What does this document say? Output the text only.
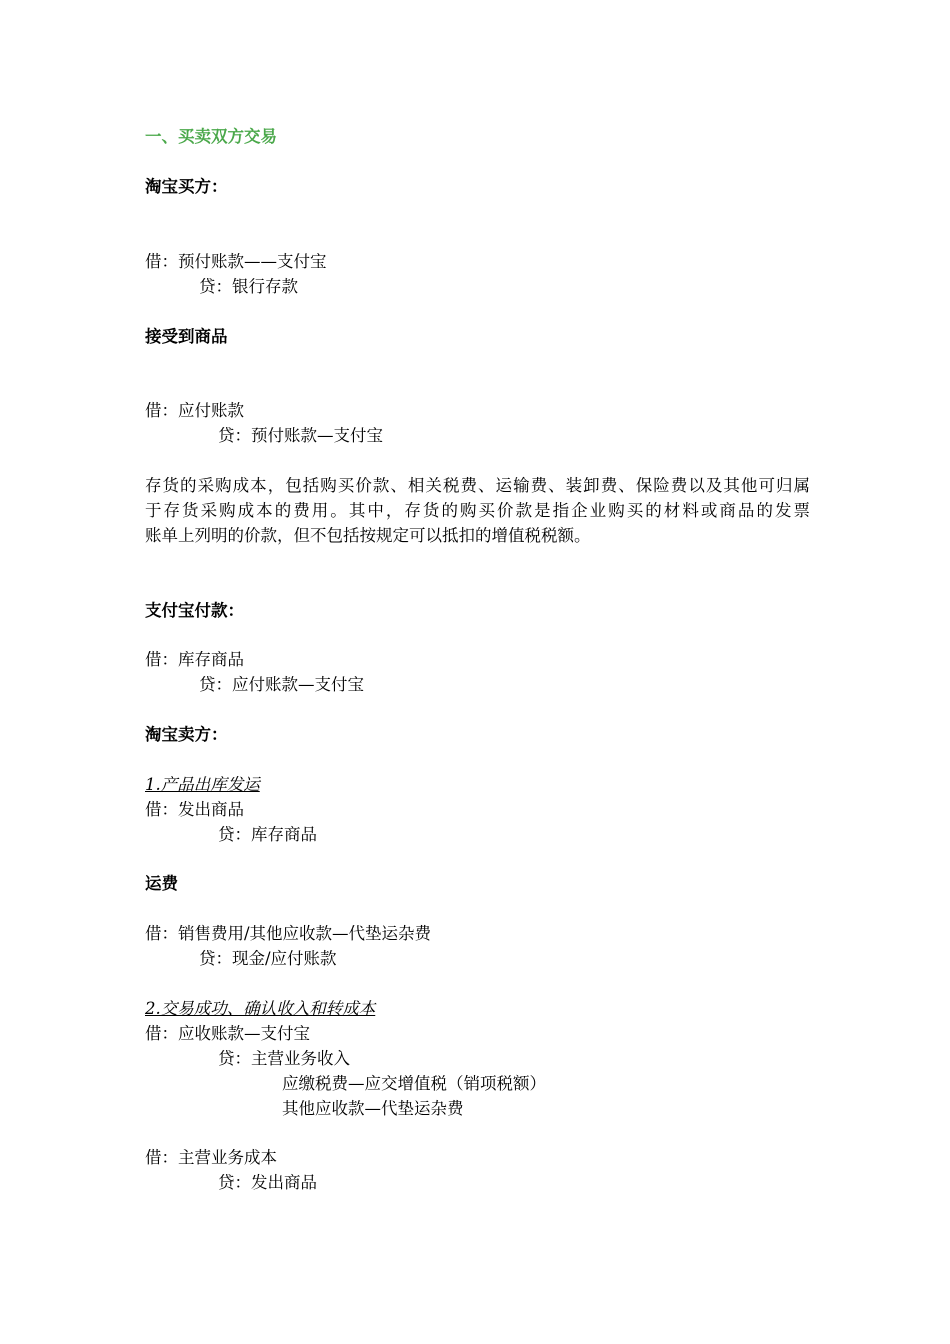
一、买卖双方交易
淘宝买方：
借：预付账款——支付宝
贷：银行存款
接受到商品
借：应付账款
贷：预付账款—支付宝
存货的采购成本，包括购买价款、相关税费、运输费、装卸费、保险费以及其他可归属
于存货采购成本的费用。其中，存货的购买价款是指企业购买的材料或商品的发票
账单上列明的价款，但不包括按规定可以抵扣的增值税税额。
支付宝付款：
借：库存商品
贷：应付账款—支付宝
淘宝卖方：
1.产品出库发运
借：发出商品
贷：库存商品
运费
借：销售费用/其他应收款—代垫运杂费
贷：现金/应付账款
2.交易成功、确认收入和转成本
借：应收账款—支付宝
贷：主营业务收入
应缴税费—应交增值税（销项税额）
其他应收款—代垫运杂费
借：主营业务成本
贷：发出商品
